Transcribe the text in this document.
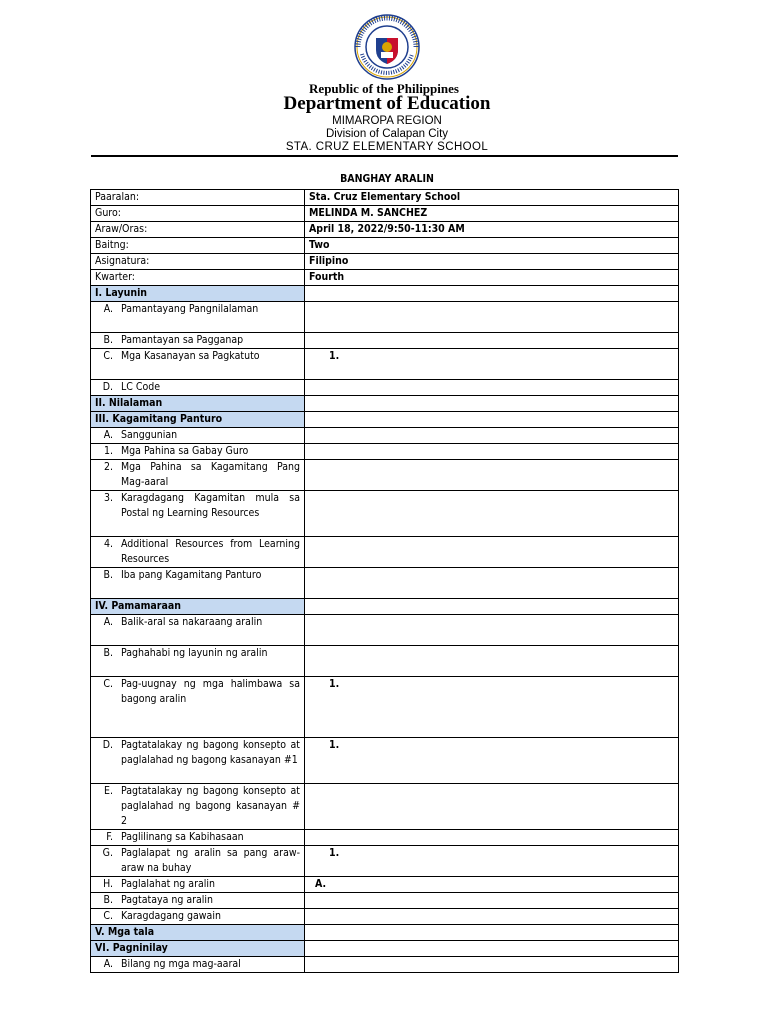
Republic of the Philippines
Department of Education
MIMAROPA REGION
Division of Calapan City
STA. CRUZ ELEMENTARY SCHOOL
BANGHAY ARALIN
Paaralan:	Sta. Cruz Elementary School
Guro:	MELINDA M. SANCHEZ
Araw/Oras:	April 18, 2022/9:50-11:30 AM
Baitng:	Two
Asignatura:	Filipino
Kwarter:	Fourth
I. Layunin	

A. Pamantayang Pangnilalaman	

B. Pamantayan sa Pagganap	

C. Mga Kasanayan sa Pagkatuto	1.

D. LC Code	

II. Nilalaman	
III. Kagamitang Panturo	

A. Sanggunian	

1. Mga Pahina sa Gabay Guro	

2. Mga Pahina sa Kagamitang Pang Mag-aaral	

3. Karagdagang Kagamitan mula sa Postal ng Learning Resources	

4. Additional Resources from Learning Resources	

B. Iba pang Kagamitang Panturo	

IV. Pamamaraan	

A. Balik-aral sa nakaraang aralin	

B. Paghahabi ng layunin ng aralin	

C. Pag-uugnay ng mga halimbawa sa bagong aralin	1.

D. Pagtatalakay ng bagong konsepto at paglalahad ng bagong kasanayan #1	1.

E. Pagtatalakay ng bagong konsepto at paglalahad ng bagong kasanayan # 2	

F. Paglilinang sa Kabihasaan	

G. Paglalapat ng aralin sa pang araw-araw na buhay	1.

H. Paglalahat ng aralin	A.

B. Pagtataya ng aralin	

C. Karagdagang gawain	

V. Mga tala	
VI. Pagninilay	

A. Bilang ng mga mag-aaral	
